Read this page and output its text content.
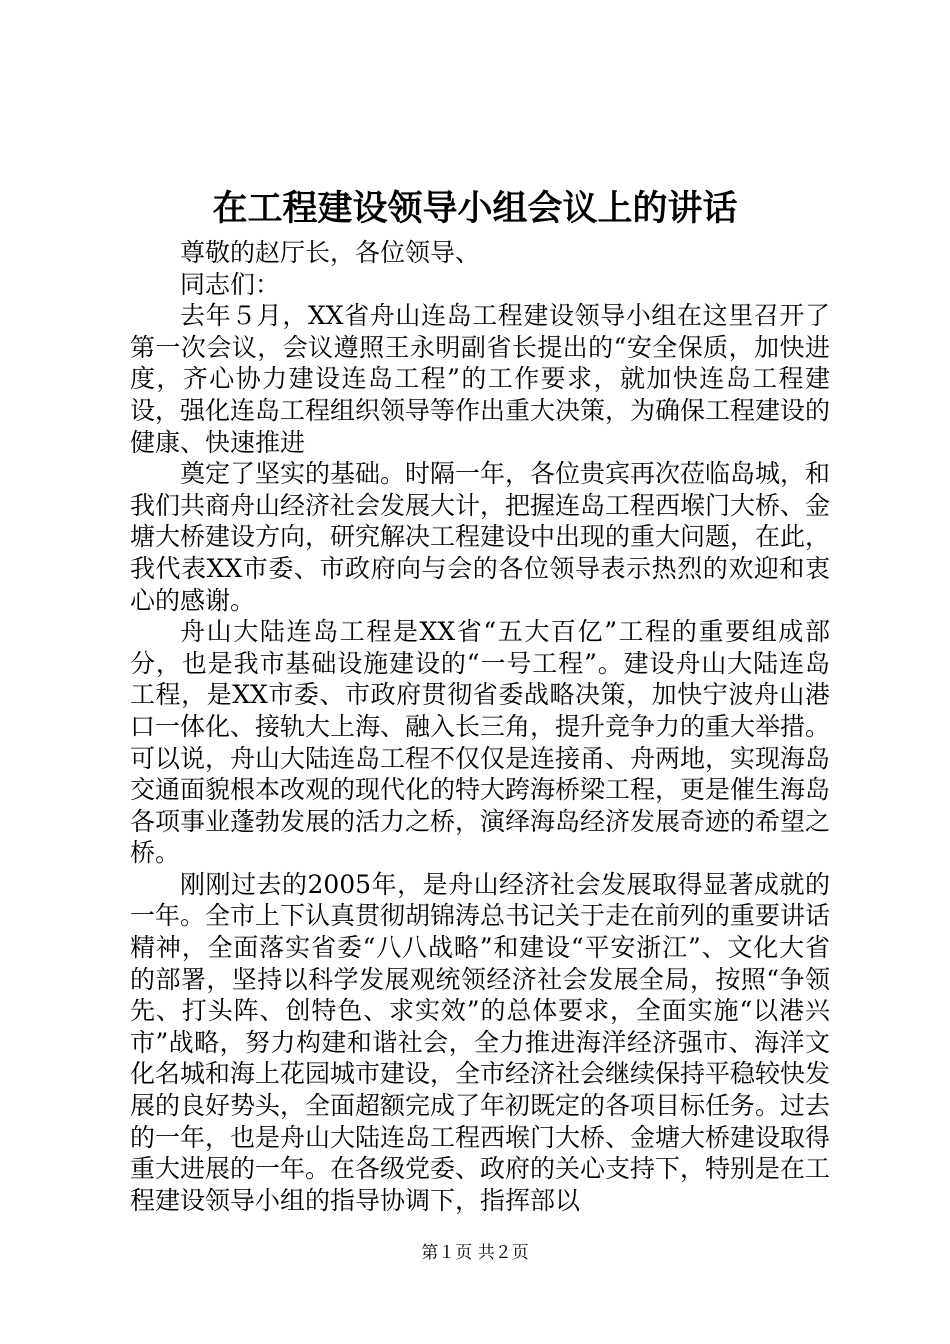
在工程建设领导小组会议上的讲话

尊敬的赵厅长，各位领导、

同志们：

去年５月，XX省舟山连岛工程建设领导小组在这里召开了第一次会议，会议遵照王永明副省长提出的“安全保质，加快进度，齐心协力建设连岛工程”的工作要求，就加快连岛工程建设，强化连岛工程组织领导等作出重大决策，为确保工程建设的健康、快速推进

奠定了坚实的基础。时隔一年，各位贵宾再次莅临岛城，和我们共商舟山经济社会发展大计，把握连岛工程西堠门大桥、金塘大桥建设方向，研究解决工程建设中出现的重大问题，在此，我代表XX市委、市政府向与会的各位领导表示热烈的欢迎和衷心的感谢。

舟山大陆连岛工程是XX省“五大百亿”工程的重要组成部分，也是我市基础设施建设的“一号工程”。建设舟山大陆连岛工程，是XX市委、市政府贯彻省委战略决策，加快宁波舟山港口一体化、接轨大上海、融入长三角，提升竞争力的重大举措。可以说，舟山大陆连岛工程不仅仅是连接甬、舟两地，实现海岛交通面貌根本改观的现代化的特大跨海桥梁工程，更是催生海岛各项事业蓬勃发展的活力之桥，演绎海岛经济发展奇迹的希望之桥。

刚刚过去的2005年，是舟山经济社会发展取得显著成就的一年。全市上下认真贯彻胡锦涛总书记关于走在前列的重要讲话精神，全面落实省委“八八战略”和建设“平安浙江”、文化大省的部署，坚持以科学发展观统领经济社会发展全局，按照“争领先、打头阵、创特色、求实效”的总体要求，全面实施“以港兴市”战略，努力构建和谐社会，全力推进海洋经济强市、海洋文化名城和海上花园城市建设，全市经济社会继续保持平稳较快发展的良好势头，全面超额完成了年初既定的各项目标任务。过去的一年，也是舟山大陆连岛工程西堠门大桥、金塘大桥建设取得重大进展的一年。在各级党委、政府的关心支持下，特别是在工程建设领导小组的指导协调下，指挥部以

第１页 共２页
